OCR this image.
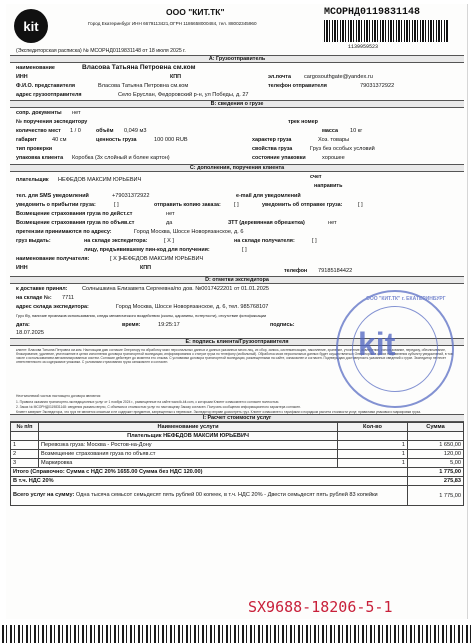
kit
ООО "КИТ.ТК"
Город Екатеринбург ИНН 6679113421,ОГРН 1186658000484, тел. 88002345960
МСОРНД0119831148
1139959523
(Экспедиторская расписка) № МСОРНД0119831148 от 18 июля 2025 г.
А: Грузоотправитель
наименование	Власова Татьяна Петровна см.ком
ИНН	КПП	эл.почта cargosouthgate@yandex.ru
Ф.И.О. представителя	Власова Татьяна Петровна см.ком	телефон отправителя	79031372922
адрес грузоотправителя	Село Еруслан, Федоровский р-н, ул Победы, д. 27
B: сведения о грузе
сопр. документы нет
№ поручения экспедитору	трек номер
количество мест 1 / 0	объём 0,049 м3	масса 10 кг
габарит	40 см	ценность груза	100 000 RUB	характер груза	Хоз. товары
тип проверки	свойства груза	Груз без особых условий
упаковка клиента Коробка (3х слойный и более картон)	состояние упаковки	хорошее
С: дополнения, поручения клиента
плательщик НЕФЕДОВ МАКСИМ ЮРЬЕВИЧ	счет
направить
тел. для SMS уведомлений	+79031372922	e-mail для уведомлений
уведомить о прибытии груза:	[ ]	отправить копию заказа: [ ]	уведомить об отправке груза:	[ ]
Возмещение страхования груза по дейст.ст	нет
Возмещение страхования груза по объяв.ст	да	ЗТТ (деревянная обрешетка)	нет
претензии принимаются по адресу:	Город Москва, Шоссе Новорязанское, д. 6
груз выдать:	на складе экспедитора:	[ X ]	на складе получателя:	[ ]
лицу, предъявившему пин-код для получения:	[ ]
наименование получателя:	[ X ]НЕФЕДОВ МАКСИМ ЮРЬЕВИЧ
ИНН	КПП	телефон 79185184422
D: отметки экспедитора
к доставке принял:	Солнышкина Елизавета Сергеевна/по дов. №0017422201 от 01.01.2025
на складе №: 7711
адрес склада экспедитора:	Город Москва, Шоссе Новорязанское, д. 6, тел. 985768107
Груз б/у, наличие признаков использования, следы механического воздействия (сколы, царапины, потертости), отсутствие фотофиксации
дата:	время:	19:25:17	подпись:
18.07.2025
Е: подпись клиента/Грузоотправителя
клиент: Власова Татьяна Петровна см.ком. Настоящим даю согласие Оператору на обработку моих персональных данных и данных указанных мною лиц, их сбор, запись, систематизацию, накопление, хранение, уточнение, извлечение, использование, передачу, обезличивание, блокирование, удаление, уничтожение в целях исполнения договора транспортной экспедиции, информирования о статусе груза по телефону (мобильный). Обработка моих персональных данных будет осуществляться Оператором в целях направления субъекту уведомлений, в том числе с использованием автоматизированных систем. Согласие действует до момента его отзыва. С условиями договора транспортной экспедиции, размещенными на сайте, ознакомлен и согласен. Подтверждаю достоверность указанных сведений о грузе. Экспедитор не несет ответственности за содержимое упаковки. С условиями страхования груза ознакомлен и согласен.
Неотъемлемой частью настоящего договора являются:
1. Правила оказания транспортно-экспедиционных услуг от 1 ноября 2024 г., размещенные на сайте www.tk-kit.com, с которыми Клиент ознакомлен и согласен полностью.
2. Заказ № МСОРНД0119831148: сведения указаны верно, С объемом и стоимостью услуг по настоящему Заказу согласен. Получать сообщения информационного характера согласен.
Клиент заверяет Экспедитора, что груз не является опасным и не содержит предметов, запрещенных к перевозке. Экспедитор вправе досмотреть груз. Клиент ознакомлен с тарифами и порядком расчета стоимости услуг, правилами упаковки и маркировки груза.
ООО "КИТ.ТК" г. ЕКАТЕРИНБУРГ
kit
I: Расчет стоимости услуг
№ п/п	Наименование услуги	Кол-во	Сумма
	Плательщик НЕФЕДОВ МАКСИМ ЮРЬЕВИЧ		
1	Перевозка груза: Москва - Ростов-на-Дону	1	1 650,00
2	Возмещение страхования груза по объяв.ст	1	120,00
3	Маркировка	1	5,00
Итого (Справочно: Сумма с НДС 20% 1655.00 Сумма без НДС 120.00)			1 775,00
В т.ч. НДС 20%			275,83
Всего услуг на сумму: Одна тысяча семьсот семьдесят пять рублей 00 копеек, в т.ч. НДС 20% - Двести семьдесят пять рублей 83 копейки			1 775,00
SX9688-18206-5-1
